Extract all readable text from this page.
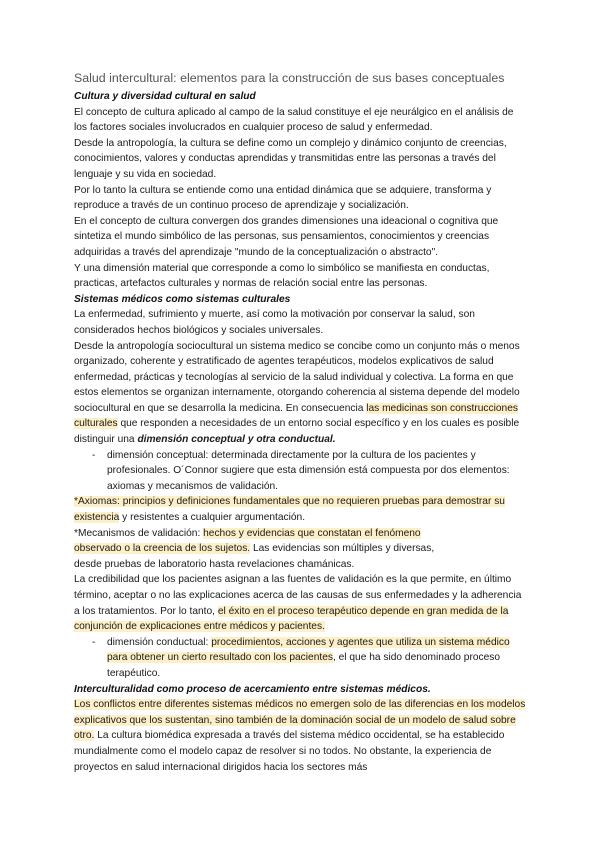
Salud intercultural: elementos para la construcción de sus bases conceptuales
Cultura y diversidad cultural en salud

El concepto de cultura aplicado al campo de la salud constituye el eje neurálgico en el análisis de los factores sociales involucrados en cualquier proceso de salud y enfermedad.

Desde la antropología, la cultura se define como un complejo y dinámico conjunto de creencias, conocimientos, valores y conductas aprendidas y transmitidas entre las personas a través del lenguaje y su vida en sociedad.

Por lo tanto la cultura se entiende como una entidad dinámica que se adquiere, transforma y reproduce a través de un continuo proceso de aprendizaje y socialización.

En el concepto de cultura convergen dos grandes dimensiones una ideacional o cognitiva que sintetiza el mundo simbólico de las personas, sus pensamientos, conocimientos y creencias adquiridas a través del aprendizaje "mundo de la conceptualización o abstracto".

Y una dimensión material que corresponde a como lo simbólico se manifiesta en conductas, practicas, artefactos culturales y normas de relación social entre las personas.

Sistemas médicos como sistemas culturales

La enfermedad, sufrimiento y muerte, así como la motivación por conservar la salud, son considerados hechos biológicos y sociales universales.

Desde la antropología sociocultural un sistema medico se concibe como un conjunto más o menos organizado, coherente y estratificado de agentes terapéuticos, modelos explicativos de salud enfermedad, prácticas y tecnologías al servicio de la salud individual y colectiva. La forma en que estos elementos se organizan internamente, otorgando coherencia al sistema depende del modelo sociocultural en que se desarrolla la medicina. En consecuencia las medicinas son construcciones culturales que responden a necesidades de un entorno social específico y en los cuales es posible distinguir una dimensión conceptual y otra conductual.

- dimensión conceptual: determinada directamente por la cultura de los pacientes y profesionales. O´Connor sugiere que esta dimensión está compuesta por dos elementos: axiomas y mecanismos de validación.

*Axiomas: principios y definiciones fundamentales que no requieren pruebas para demostrar su existencia y resistentes a cualquier argumentación.

*Mecanismos de validación: hechos y evidencias que constatan el fenómeno

observado o la creencia de los sujetos. Las evidencias son múltiples y diversas,

desde pruebas de laboratorio hasta revelaciones chamánicas.

La credibilidad que los pacientes asignan a las fuentes de validación es la que permite, en último término, aceptar o no las explicaciones acerca de las causas de sus enfermedades y la adherencia a los tratamientos. Por lo tanto, el éxito en el proceso terapéutico depende en gran medida de la conjunción de explicaciones entre médicos y pacientes.

- dimensión conductual: procedimientos, acciones y agentes que utiliza un sistema médico para obtener un cierto resultado con los pacientes, el que ha sido denominado proceso terapéutico.
Interculturalidad como proceso de acercamiento entre sistemas médicos.

Los conflictos entre diferentes sistemas médicos no emergen solo de las diferencias en los modelos explicativos que los sustentan, sino también de la dominación social de un modelo de salud sobre otro. La cultura biomédica expresada a través del sistema médico occidental, se ha establecido mundialmente como el modelo capaz de resolver si no todos. No obstante, la experiencia de proyectos en salud internacional dirigidos hacia los sectores más
